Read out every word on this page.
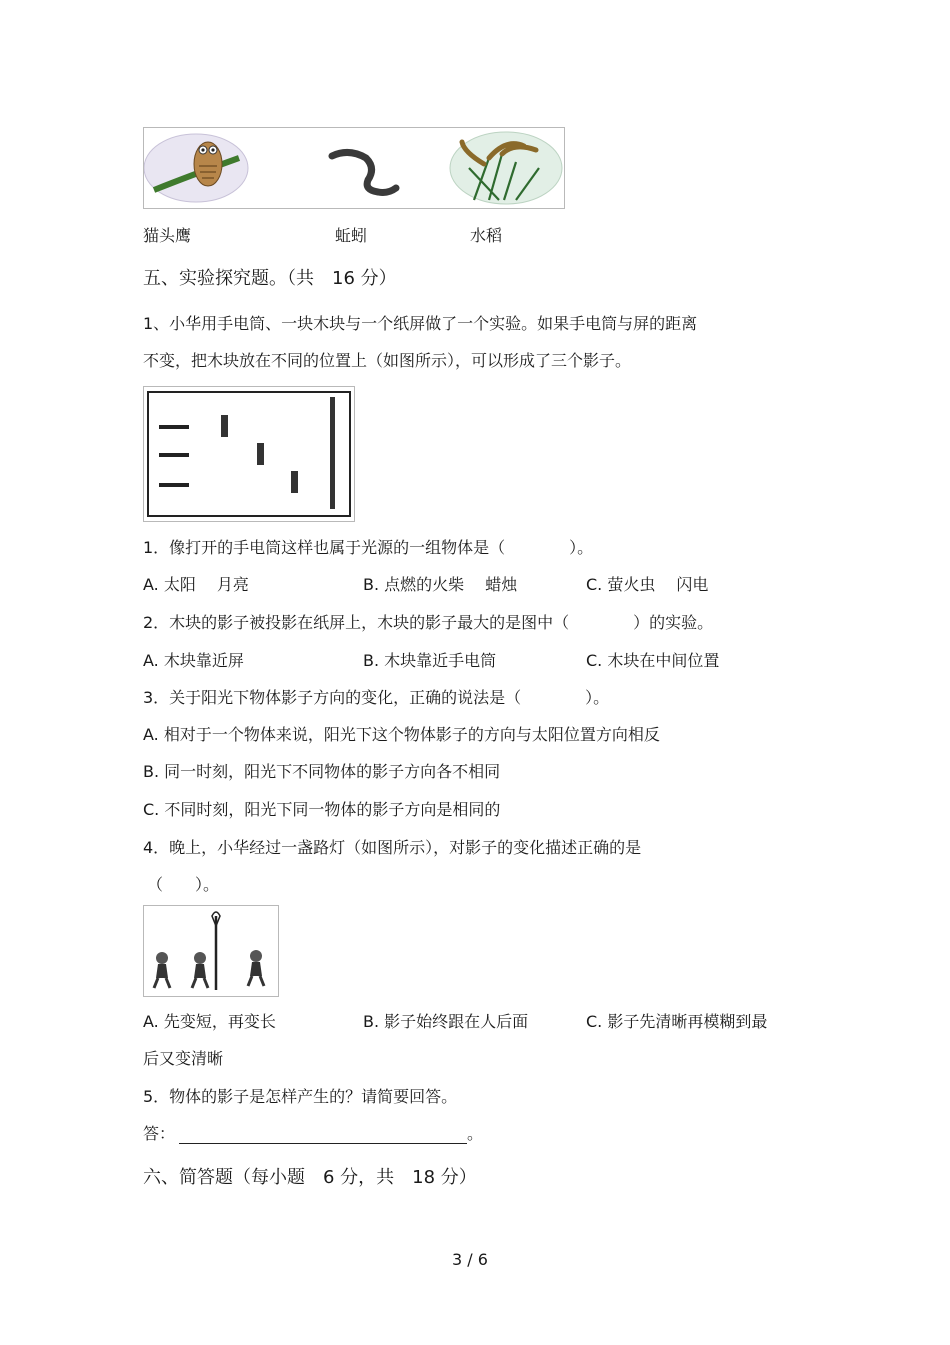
猫头鹰	蚯蚓	水稻
五、实验探究题。（共　16 分）
1、小华用手电筒、一块木块与一个纸屏做了一个实验。如果手电筒与屏的距离
不变，把木块放在不同的位置上（如图所示），可以形成了三个影子。
1．像打开的手电筒这样也属于光源的一组物体是（　　　　）。
A. 太阳　 月亮	B. 点燃的火柴　 蜡烛	C. 萤火虫　 闪电
2．木块的影子被投影在纸屏上，木块的影子最大的是图中（　　　　）的实验。
A. 木块靠近屏	B. 木块靠近手电筒	C. 木块在中间位置
3．关于阳光下物体影子方向的变化，正确的说法是（　　　　）。
A. 相对于一个物体来说，阳光下这个物体影子的方向与太阳位置方向相反
B. 同一时刻，阳光下不同物体的影子方向各不相同
C. 不同时刻，阳光下同一物体的影子方向是相同的
4．晚上，小华经过一盏路灯（如图所示），对影子的变化描述正确的是
（　　）。
A. 先变短，再变长	B. 影子始终跟在人后面	C. 影子先清晰再模糊到最
后又变清晰
5．物体的影子是怎样产生的？请简要回答。
答：	。
六、简答题（每小题　6 分，共　18 分）
3 / 6
